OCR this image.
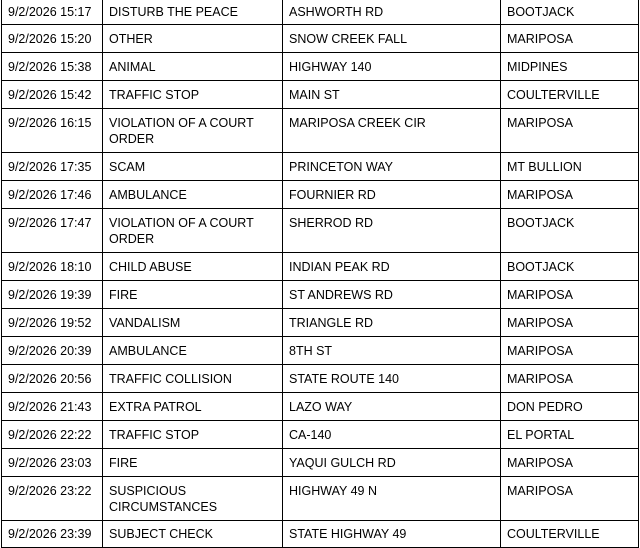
9/2/2026 15:17	DISTURB THE PEACE	ASHWORTH RD	BOOTJACK
9/2/2026 15:20	OTHER	SNOW CREEK FALL	MARIPOSA
9/2/2026 15:38	ANIMAL	HIGHWAY 140	MIDPINES
9/2/2026 15:42	TRAFFIC STOP	MAIN ST	COULTERVILLE
9/2/2026 16:15	VIOLATION OF A COURT ORDER	MARIPOSA CREEK CIR	MARIPOSA
9/2/2026 17:35	SCAM	PRINCETON WAY	MT BULLION
9/2/2026 17:46	AMBULANCE	FOURNIER RD	MARIPOSA
9/2/2026 17:47	VIOLATION OF A COURT ORDER	SHERROD RD	BOOTJACK
9/2/2026 18:10	CHILD ABUSE	INDIAN PEAK RD	BOOTJACK
9/2/2026 19:39	FIRE	ST ANDREWS RD	MARIPOSA
9/2/2026 19:52	VANDALISM	TRIANGLE RD	MARIPOSA
9/2/2026 20:39	AMBULANCE	8TH ST	MARIPOSA
9/2/2026 20:56	TRAFFIC COLLISION	STATE ROUTE 140	MARIPOSA
9/2/2026 21:43	EXTRA PATROL	LAZO WAY	DON PEDRO
9/2/2026 22:22	TRAFFIC STOP	CA-140	EL PORTAL
9/2/2026 23:03	FIRE	YAQUI GULCH RD	MARIPOSA
9/2/2026 23:22	SUSPICIOUS CIRCUMSTANCES	HIGHWAY 49 N	MARIPOSA
9/2/2026 23:39	SUBJECT CHECK	STATE HIGHWAY 49	COULTERVILLE
